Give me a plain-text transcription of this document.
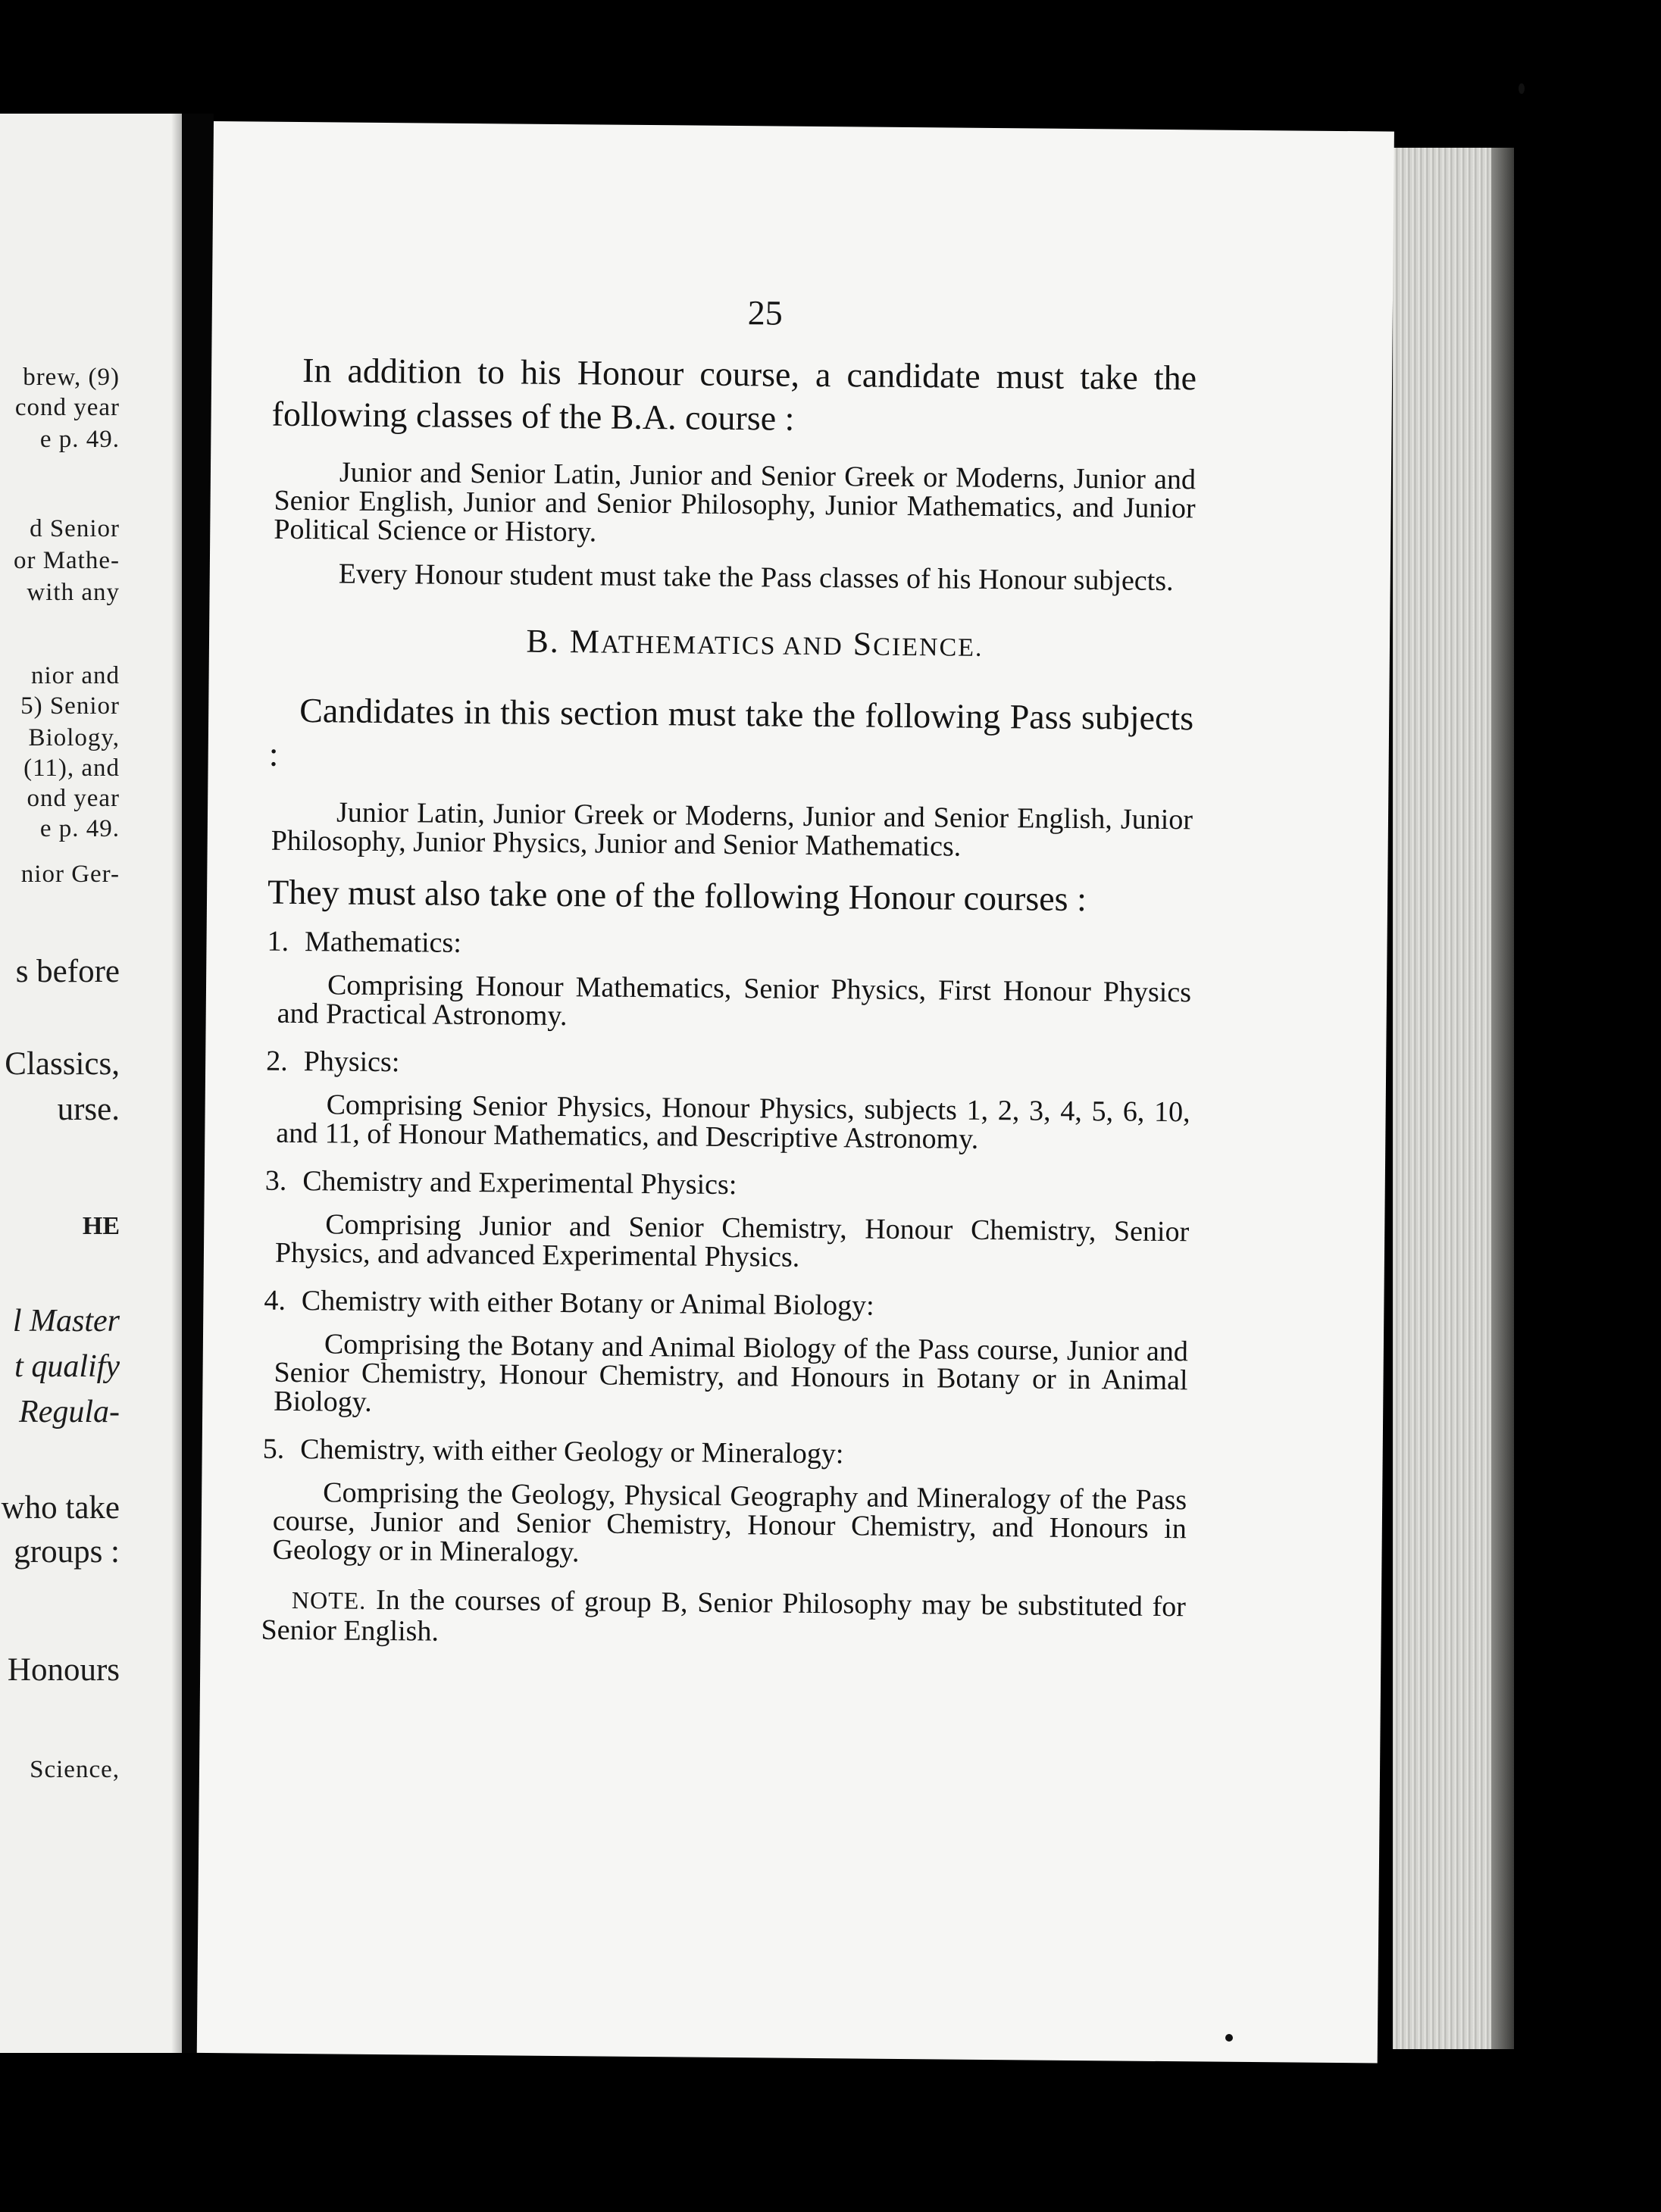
brew, (9)
cond year
e p. 49.
d Senior
or Mathe-
with any
nior and
5) Senior
Biology,
(11), and
ond year
e p. 49.
nior Ger-
s before
Classics,
urse.
HE
l Master
t qualify
Regula-
who take
groups :
Honours
Science,
25

In addition to his Honour course, a candidate must take the following classes of the B.A. course :

Junior and Senior Latin, Junior and Senior Greek or Moderns, Junior and Senior English, Junior and Senior Philosophy, Junior Mathematics, and Junior Political Science or History.

Every Honour student must take the Pass classes of his Honour subjects.

B. MATHEMATICS AND SCIENCE.

Candidates in this section must take the following Pass subjects :

Junior Latin, Junior Greek or Moderns, Junior and Senior English, Junior Philosophy, Junior Physics, Junior and Senior Mathematics.

They must also take one of the following Honour courses :

1. Mathematics:

Comprising Honour Mathematics, Senior Physics, First Honour Physics and Practical Astronomy.

2. Physics:

Comprising Senior Physics, Honour Physics, subjects 1, 2, 3, 4, 5, 6, 10, and 11, of Honour Mathematics, and Descriptive Astronomy.

3. Chemistry and Experimental Physics:

Comprising Junior and Senior Chemistry, Honour Chemistry, Senior Physics, and advanced Experimental Physics.

4. Chemistry with either Botany or Animal Biology:

Comprising the Botany and Animal Biology of the Pass course, Junior and Senior Chemistry, Honour Chemistry, and Honours in Botany or in Animal Biology.

5. Chemistry, with either Geology or Mineralogy:

Comprising the Geology, Physical Geography and Mineralogy of the Pass course, Junior and Senior Chemistry, Honour Chemistry, and Honours in Geology or in Mineralogy.

NOTE. In the courses of group B, Senior Philosophy may be substituted for Senior English.
